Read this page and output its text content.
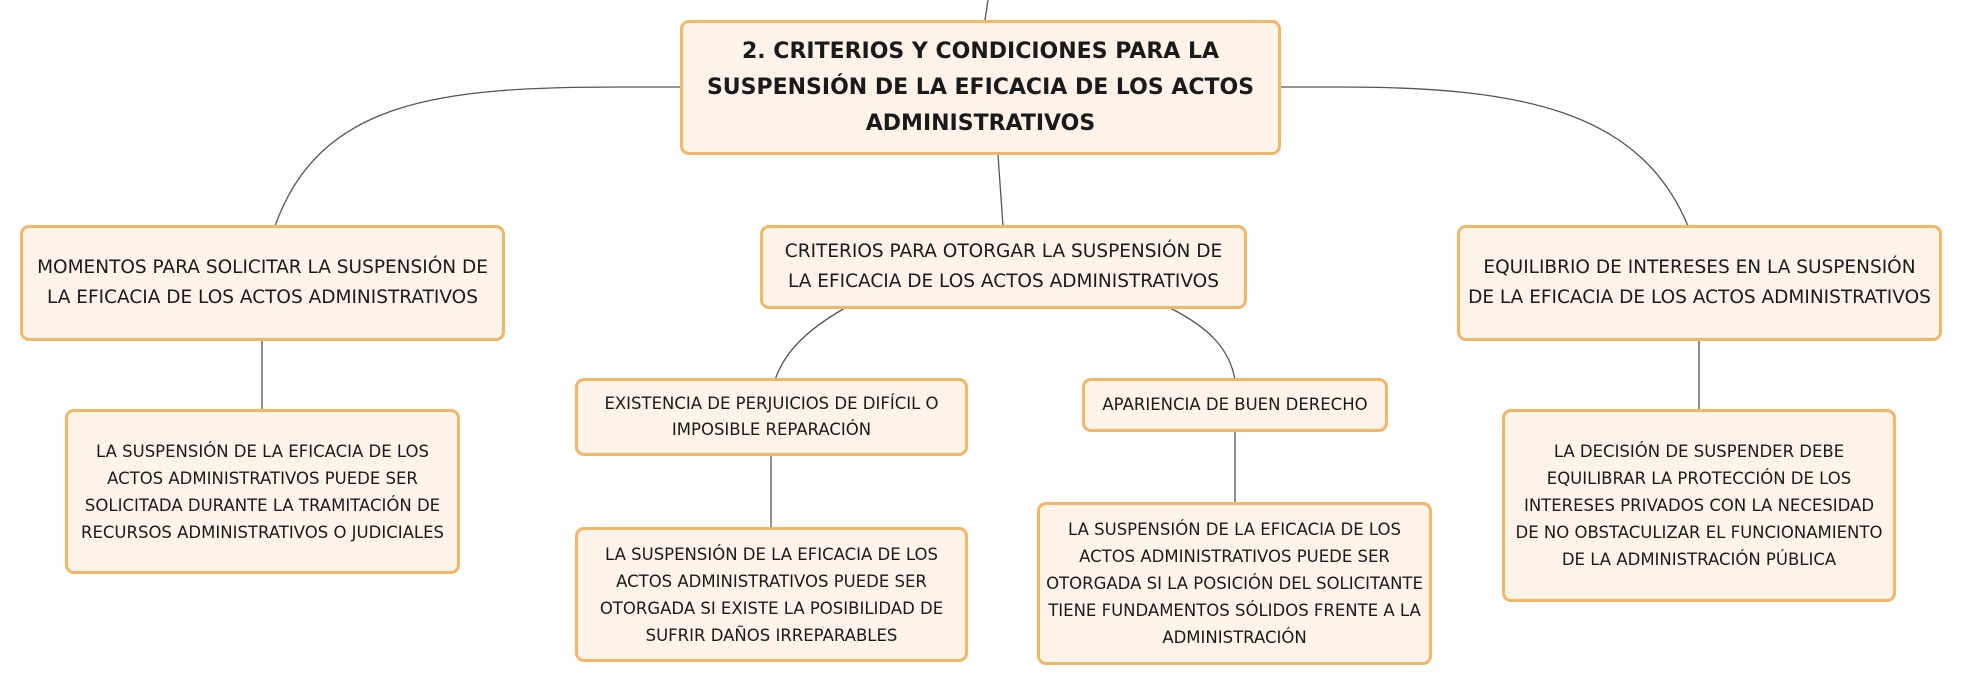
2. CRITERIOS Y CONDICIONES PARA LA SUSPENSIÓN DE LA EFICACIA DE LOS ACTOS ADMINISTRATIVOS
MOMENTOS PARA SOLICITAR LA SUSPENSIÓN DE LA EFICACIA DE LOS ACTOS ADMINISTRATIVOS
CRITERIOS PARA OTORGAR LA SUSPENSIÓN DE LA EFICACIA DE LOS ACTOS ADMINISTRATIVOS
EQUILIBRIO DE INTERESES EN LA SUSPENSIÓN DE LA EFICACIA DE LOS ACTOS ADMINISTRATIVOS
EXISTENCIA DE PERJUICIOS DE DIFÍCIL O IMPOSIBLE REPARACIÓN
APARIENCIA DE BUEN DERECHO
LA SUSPENSIÓN DE LA EFICACIA DE LOS ACTOS ADMINISTRATIVOS PUEDE SER SOLICITADA DURANTE LA TRAMITACIÓN DE RECURSOS ADMINISTRATIVOS O JUDICIALES
LA SUSPENSIÓN DE LA EFICACIA DE LOS ACTOS ADMINISTRATIVOS PUEDE SER OTORGADA SI EXISTE LA POSIBILIDAD DE SUFRIR DAÑOS IRREPARABLES
LA SUSPENSIÓN DE LA EFICACIA DE LOS ACTOS ADMINISTRATIVOS PUEDE SER OTORGADA SI LA POSICIÓN DEL SOLICITANTE TIENE FUNDAMENTOS SÓLIDOS FRENTE A LA ADMINISTRACIÓN
LA DECISIÓN DE SUSPENDER DEBE EQUILIBRAR LA PROTECCIÓN DE LOS INTERESES PRIVADOS CON LA NECESIDAD DE NO OBSTACULIZAR EL FUNCIONAMIENTO DE LA ADMINISTRACIÓN PÚBLICA
